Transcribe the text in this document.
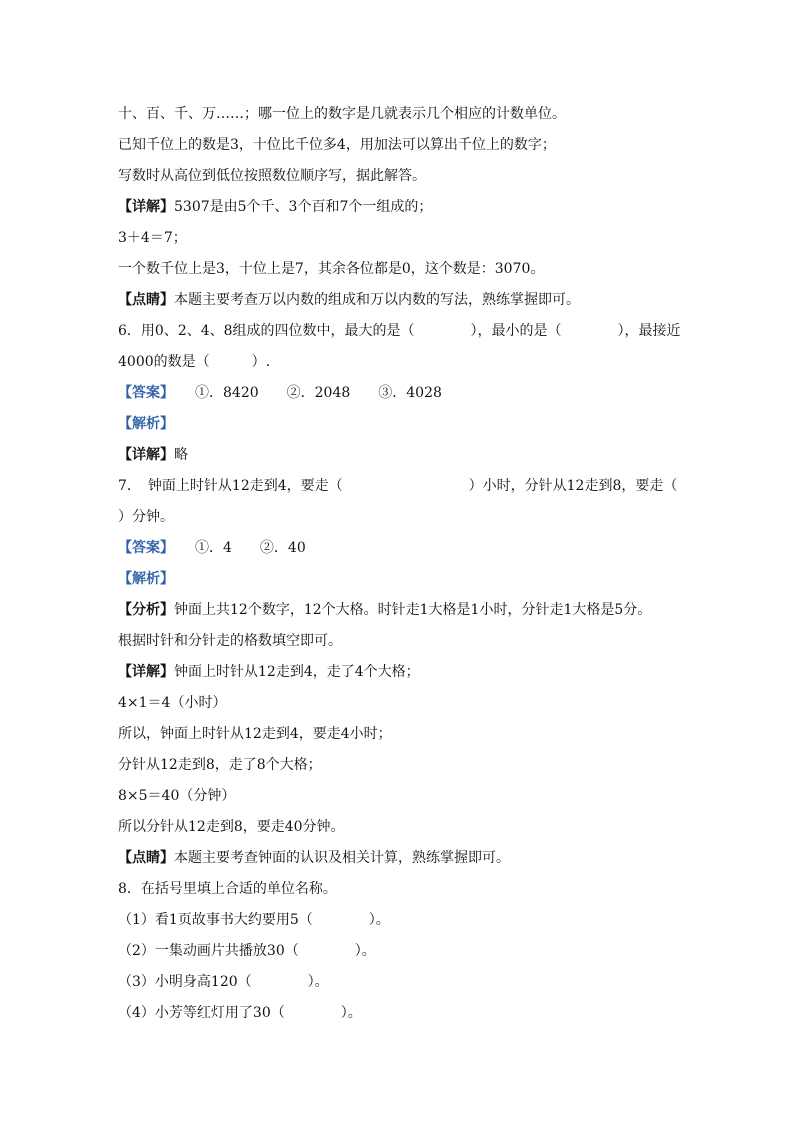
十、百、千、万……；哪一位上的数字是几就表示几个相应的计数单位。
已知千位上的数是3，十位比千位多4，用加法可以算出千位上的数字；
写数时从高位到低位按照数位顺序写，据此解答。
【详解】5307是由5个千、3个百和7个一组成的；
3＋4＝7；
一个数千位上是3，十位上是7，其余各位都是0，这个数是：3070。
【点睛】本题主要考查万以内数的组成和万以内数的写法，熟练掌握即可。
6．用0、2、4、8组成的四位数中，最大的是（　　　　），最小的是（　　　　），最接近
4000的数是（　　　）.
【答案】　　①．8420　　②．2048　　③．4028
【解析】
【详解】略
7．　钟面上时针从12走到4，要走（　　　　　　　　　）小时，分针从12走到8，要走（
）分钟。
【答案】　　①．4　　②．40
【解析】
【分析】钟面上共12个数字，12个大格。时针走1大格是1小时，分针走1大格是5分。
根据时针和分针走的格数填空即可。
【详解】钟面上时针从12走到4，走了4个大格；
4×1＝4（小时）
所以，钟面上时针从12走到4，要走4小时；
分针从12走到8，走了8个大格；
8×5＝40（分钟）
所以分针从12走到8，要走40分钟。
【点睛】本题主要考查钟面的认识及相关计算，熟练掌握即可。
8．在括号里填上合适的单位名称。
（1）看1页故事书大约要用5（　　　　）。
（2）一集动画片共播放30（　　　　）。
（3）小明身高120（　　　　）。
（4）小芳等红灯用了30（　　　　）。
